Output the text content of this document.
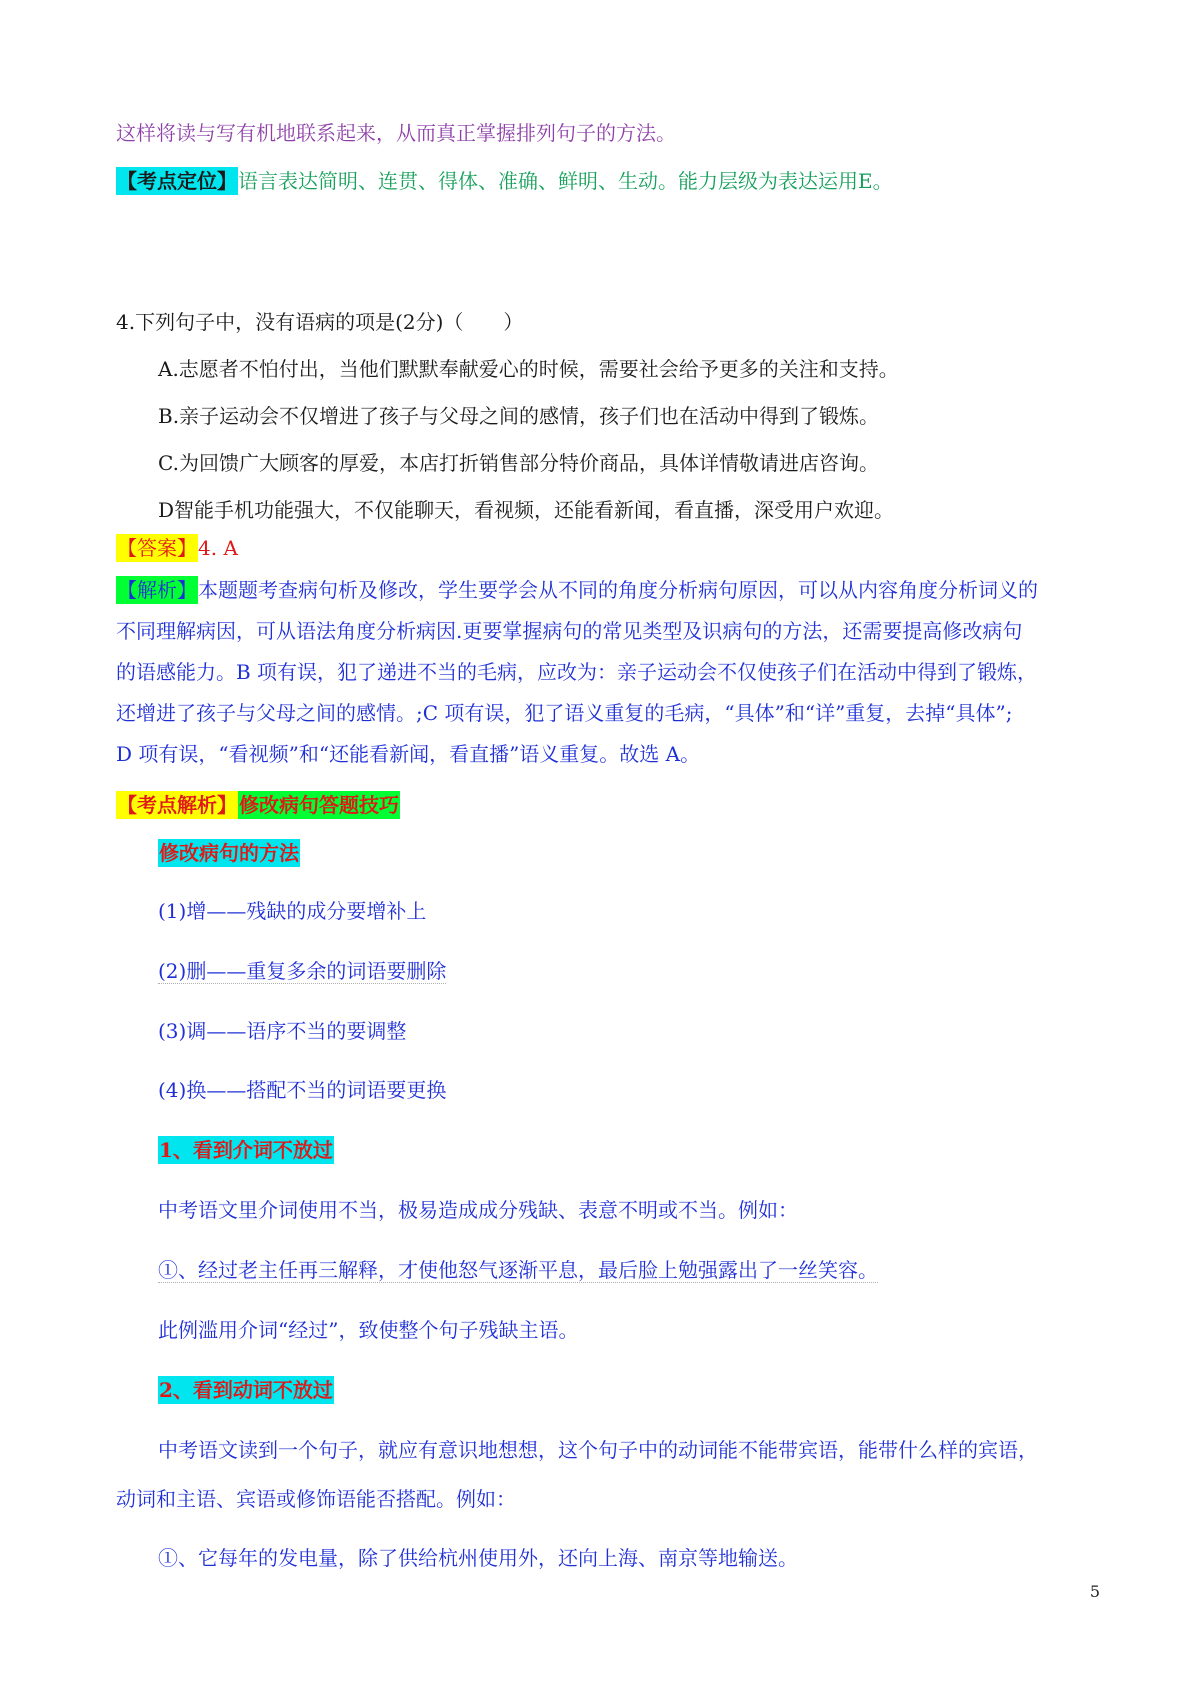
这样将读与写有机地联系起来，从而真正掌握排列句子的方法。
【考点定位】语言表达简明、连贯、得体、准确、鲜明、生动。能力层级为表达运用E。
4.下列句子中，没有语病的项是(2分)（　　）
A.志愿者不怕付出，当他们默默奉献爱心的时候，需要社会给予更多的关注和支持。
B.亲子运动会不仅增进了孩子与父母之间的感情，孩子们也在活动中得到了锻炼。
C.为回馈广大顾客的厚爱，本店打折销售部分特价商品，具体详情敬请进店咨询。
D智能手机功能强大，不仅能聊天，看视频，还能看新闻，看直播，深受用户欢迎。
【答案】4. A
【解析】本题题考查病句析及修改，学生要学会从不同的角度分析病句原因，可以从内容角度分析词义的
不同理解病因，可从语法角度分析病因.更要掌握病句的常见类型及识病句的方法，还需要提高修改病句
的语感能力。B 项有误，犯了递进不当的毛病，应改为：亲子运动会不仅使孩子们在活动中得到了锻炼，
还增进了孩子与父母之间的感情。;C 项有误，犯了语义重复的毛病，“具体”和“详”重复，去掉“具体”;
D 项有误，“看视频”和“还能看新闻，看直播”语义重复。故选 A。
【考点解析】 修改病句答题技巧
修改病句的方法
(1)增——残缺的成分要增补上
(2)删——重复多余的词语要删除
(3)调——语序不当的要调整
(4)换——搭配不当的词语要更换
1、看到介词不放过
中考语文里介词使用不当，极易造成成分残缺、表意不明或不当。例如：
①、经过老主任再三解释，才使他怒气逐渐平息，最后脸上勉强露出了一丝笑容。
此例滥用介词“经过”，致使整个句子残缺主语。
2、看到动词不放过
中考语文读到一个句子，就应有意识地想想，这个句子中的动词能不能带宾语，能带什么样的宾语，
动词和主语、宾语或修饰语能否搭配。例如：
①、它每年的发电量，除了供给杭州使用外，还向上海、南京等地输送。
5
